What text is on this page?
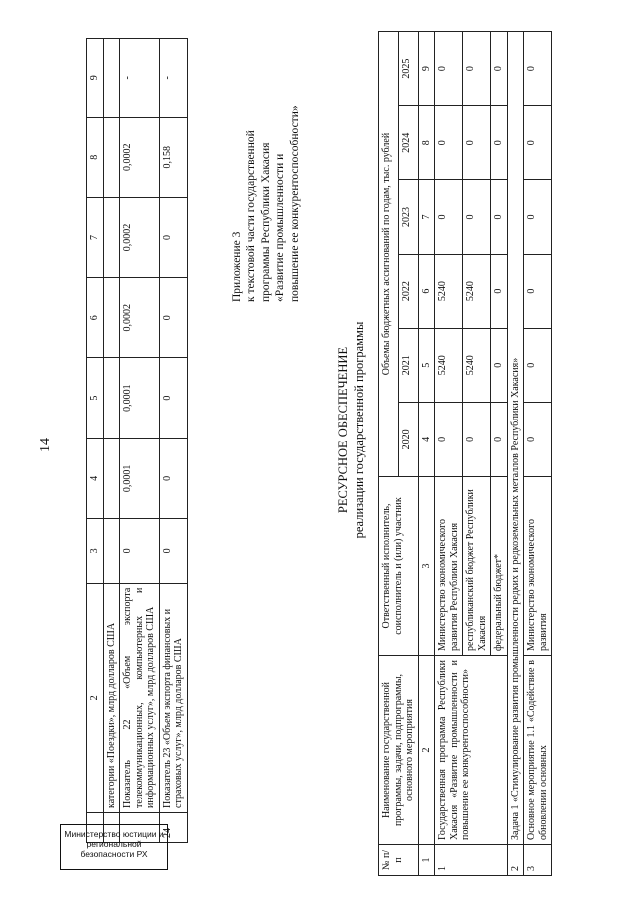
14
	2	3	4	5	6	7	8	9
	категории «Поездки», млрд долларов США							
	Показатель 22 «Объем экспорта телекоммуникационных, компьютерных и информационных услуг», млрд долларов США	0	0,0001	0,0001	0,0002	0,0002	0,0002	-
24	Показатель 23 «Объем экспорта финансовых и страховых услуг», млрд долларов США	0	0	0	0	0	0,158	-
Приложение 3 к текстовой части государственной программы Республики Хакасия «Развитие промышленности и повышение ее конкурентоспособности»
РЕСУРСНОЕ ОБЕСПЕЧЕНИЕ реализации государственной программы
№ п/п	Наименование государственной программы, задачи, подпрограммы, основного мероприятия	Ответственный исполнитель, соисполнитель и (или) участник	Объемы бюджетных ассигнований по годам, тыс. рублей					
			2020	2021	2022	2023	2024	2025
1	2	3	4	5	6	7	8	9
1	Государственная программа Республики Хакасия «Развитие промышленности и повышение ее конкурентоспособности»	Министерство экономического развития Республики Хакасия	0	5240	5240	0	0	0
		республиканский бюджет Республики Хакасия	0	5240	5240	0	0	0
		федеральный бюджет*	0	0	0	0	0	0
2	Задача 1 «Стимулирование развития промышленности редких и редкоземельных металлов Республики Хакасия»							
3	Основное мероприятие 1.1 «Содействие в обновлении основных	Министерство экономического развития	0	0	0	0	0	0
Министерство юстиции и региональной безопасности РХ
